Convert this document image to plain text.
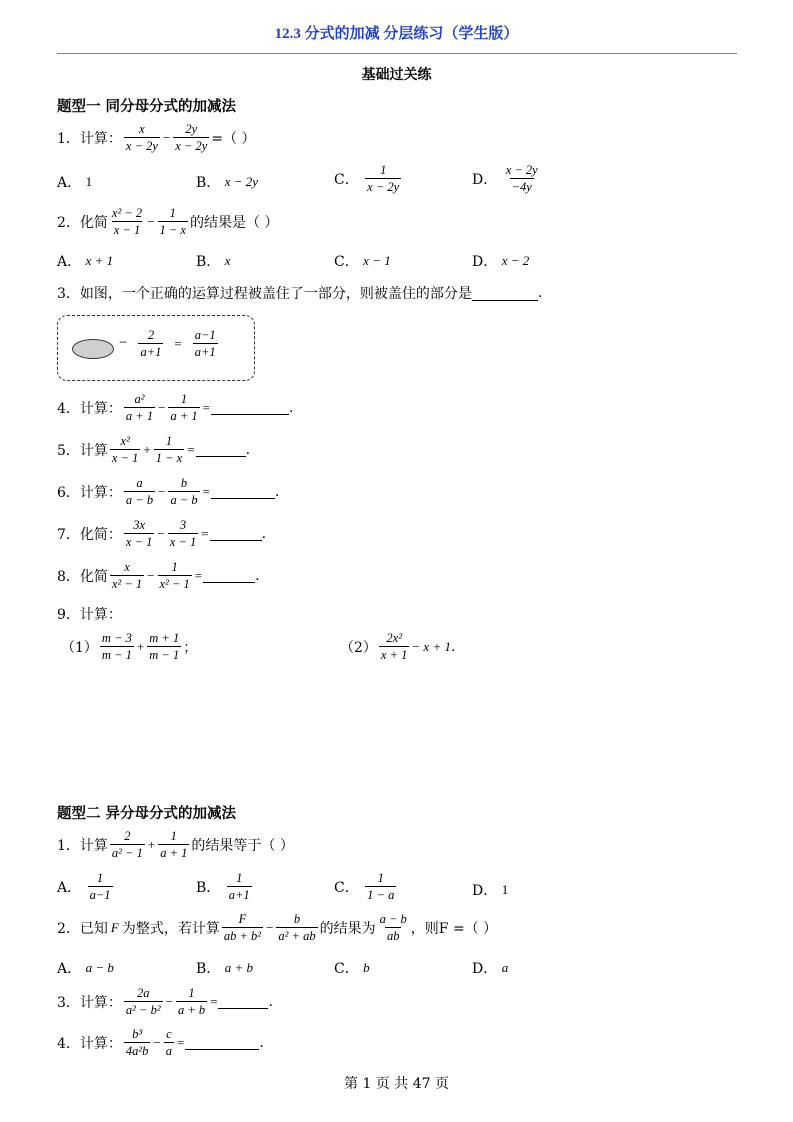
12.3 分式的加减 分层练习（学生版）
基础过关练
题型一 同分母分式的加减法
1． 计算： $\frac{x}{x - 2y} - \frac{2y}{x - 2y}$ =（ ）
A．
1	B．
x − 2y	C．
$\frac{1}{x - 2y}$	D．
$\frac{x - 2y}{-4y}$
2． 化简 $\frac{\text{x² − 2}}{x - 1} - \frac{1}{1 - x}$ 的结果是（ ）
A．
x + 1	B．
x	C．
x − 1	D．
x − 2
3． 如图，一个正确的运算过程被盖住了一部分，则被盖住的部分是	.
− $\frac{2}{a+1} = \frac{a-1}{a+1}$
4． 计算： $\frac{\text{a²}}{a + 1} - \frac{1}{a + 1}$ =	.
5． 计算 $\frac{\text{x²}}{x - 1} + \frac{1}{1 - x}$ =	.
6． 计算： $\frac{a}{a - b} - \frac{b}{a - b}$ =	.
7． 化简： $\frac{3x}{x - 1} - \frac{3}{x - 1}$ =	.
8． 化简 $\frac{x}{\text{x² − 1}} - \frac{1}{\text{x² − 1}}$ =	.
9． 计算：
$(1) \frac{m - 3}{m - 1} + \frac{m + 1}{m - 1}$ ；	$(2) \frac{\text{2x²}}{x + 1} - x + 1$ .
题型二 异分母分式的加减法
1． 计算 $\frac{2}{\text{a² − 1}} + \frac{1}{a + 1}$ 的结果等于（ ）
A．
$\frac{1}{a-1}$	B．
$\frac{1}{a+1}$	C．
$\frac{1}{1 - a}$	D．
1
2． 已知 F 为整式，若计算 $\frac{F}{\text{ab + b²}} - \frac{b}{\text{a² + ab}}$ 的结果为 $\frac{a - b}{ab}$ ，则 F =（ ）
A．
a − b	B．
a + b	C．
b	D．
a
3． 计算： $\frac{2a}{\text{a² − b²}} - \frac{1}{a + b}$ =	.
4． 计算： $\frac{\text{b³}}{\text{4a²b}} - \frac{c}{a}$ =	.
第 1 页 共 47 页
